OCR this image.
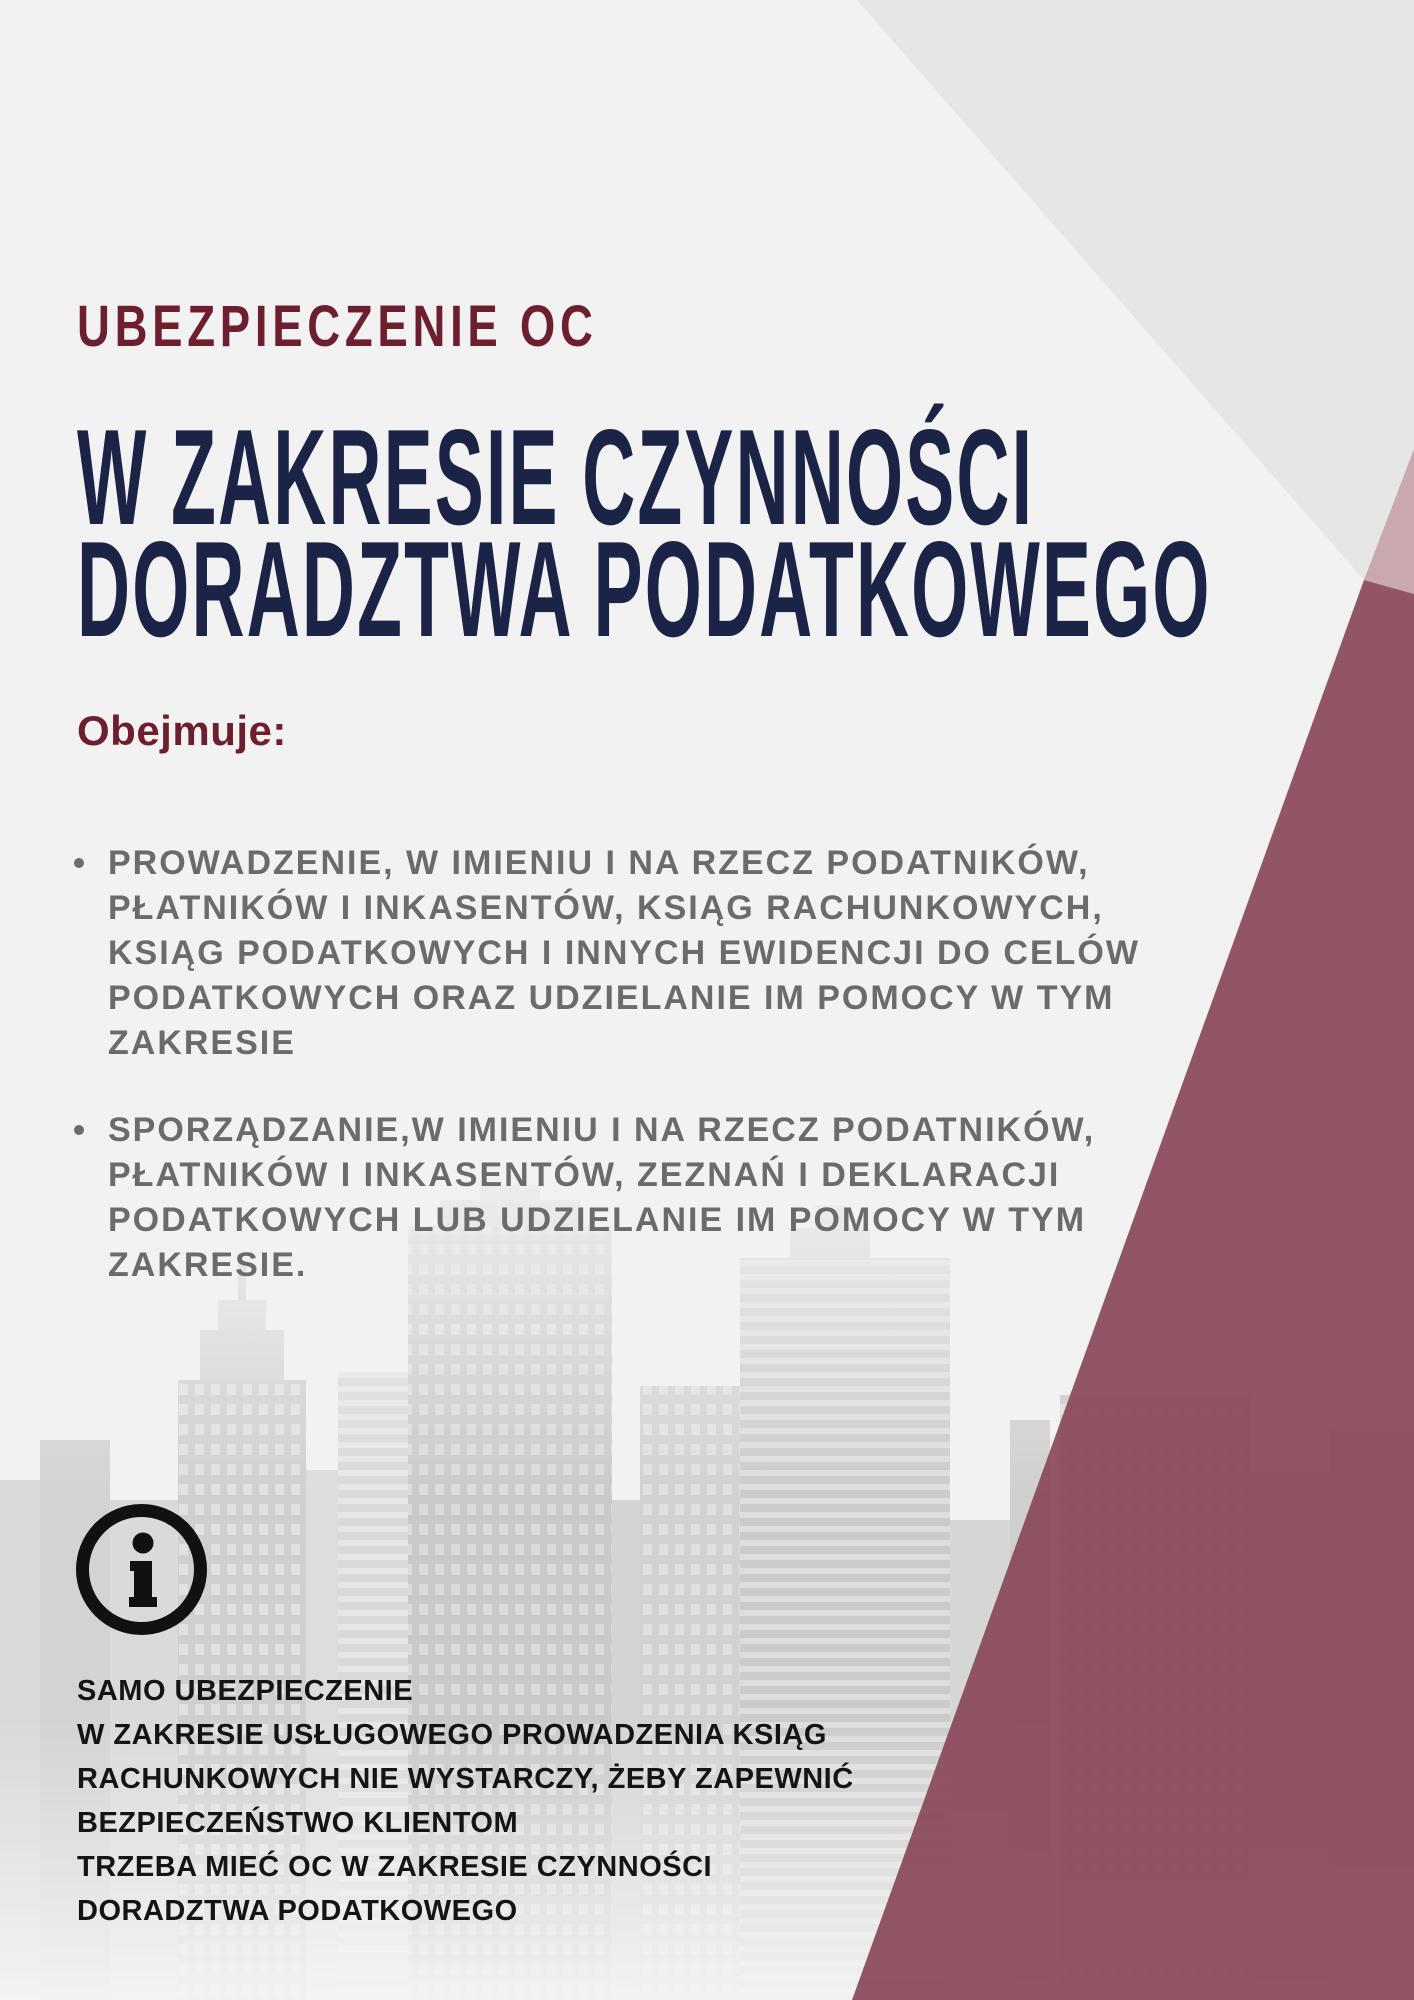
UBEZPIECZENIE OC
W ZAKRESIE CZYNNOŚCI
DORADZTWA PODATKOWEGO
Obejmuje:
PROWADZENIE, W IMIENIU I NA RZECZ PODATNIKÓW,
PŁATNIKÓW I INKASENTÓW, KSIĄG RACHUNKOWYCH,
KSIĄG PODATKOWYCH I INNYCH EWIDENCJI DO CELÓW
PODATKOWYCH ORAZ UDZIELANIE IM POMOCY W TYM
ZAKRESIE
SPORZĄDZANIE,W IMIENIU I NA RZECZ PODATNIKÓW,
PŁATNIKÓW I INKASENTÓW, ZEZNAŃ I DEKLARACJI
PODATKOWYCH LUB UDZIELANIE IM POMOCY W TYM
ZAKRESIE.
SAMO UBEZPIECZENIE
W ZAKRESIE USŁUGOWEGO PROWADZENIA KSIĄG
RACHUNKOWYCH NIE WYSTARCZY, ŻEBY ZAPEWNIĆ
BEZPIECZEŃSTWO KLIENTOM
TRZEBA MIEĆ OC W ZAKRESIE CZYNNOŚCI
DORADZTWA PODATKOWEGO
